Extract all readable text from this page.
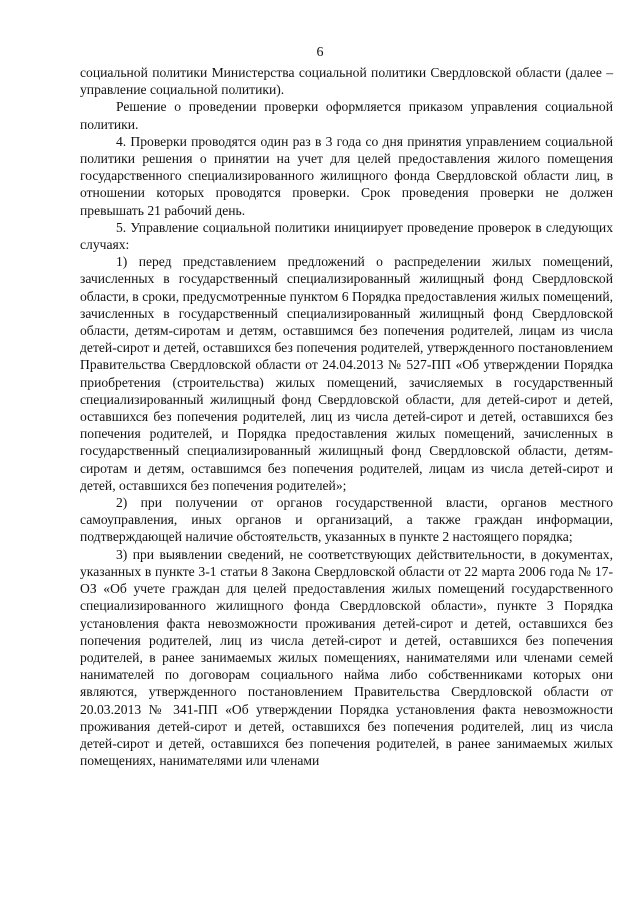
6

социальной политики Министерства социальной политики Свердловской области (далее – управление социальной политики).

Решение о проведении проверки оформляется приказом управления социальной политики.

4. Проверки проводятся один раз в 3 года со дня принятия управлением социальной политики решения о принятии на учет для целей предоставления жилого помещения государственного специализированного жилищного фонда Свердловской области лиц, в отношении которых проводятся проверки. Срок проведения проверки не должен превышать 21 рабочий день.

5. Управление социальной политики инициирует проведение проверок в следующих случаях:

1) перед представлением предложений о распределении жилых помещений, зачисленных в государственный специализированный жилищный фонд Свердловской области, в сроки, предусмотренные пунктом 6 Порядка предоставления жилых помещений, зачисленных в государственный специализированный жилищный фонд Свердловской области, детям-сиротам и детям, оставшимся без попечения родителей, лицам из числа детей-сирот и детей, оставшихся без попечения родителей, утвержденного постановлением Правительства Свердловской области от 24.04.2013 № 527-ПП «Об утверждении Порядка приобретения (строительства) жилых помещений, зачисляемых в государственный специализированный жилищный фонд Свердловской области, для детей-сирот и детей, оставшихся без попечения родителей, лиц из числа детей-сирот и детей, оставшихся без попечения родителей, и Порядка предоставления жилых помещений, зачисленных в государственный специализированный жилищный фонд Свердловской области, детям-сиротам и детям, оставшимся без попечения родителей, лицам из числа детей-сирот и детей, оставшихся без попечения родителей»;

2) при получении от органов государственной власти, органов местного самоуправления, иных органов и организаций, а также граждан информации, подтверждающей наличие обстоятельств, указанных в пункте 2 настоящего порядка;

3) при выявлении сведений, не соответствующих действительности, в документах, указанных в пункте 3-1 статьи 8 Закона Свердловской области от 22 марта 2006 года № 17-ОЗ «Об учете граждан для целей предоставления жилых помещений государственного специализированного жилищного фонда Свердловской области», пункте 3 Порядка установления факта невозможности проживания детей-сирот и детей, оставшихся без попечения родителей, лиц из числа детей-сирот и детей, оставшихся без попечения родителей, в ранее занимаемых жилых помещениях, нанимателями или членами семей нанимателей по договорам социального найма либо собственниками которых они являются, утвержденного постановлением Правительства Свердловской области от 20.03.2013 № 341-ПП «Об утверждении Порядка установления факта невозможности проживания детей-сирот и детей, оставшихся без попечения родителей, лиц из числа детей-сирот и детей, оставшихся без попечения родителей, в ранее занимаемых жилых помещениях, нанимателями или членами
